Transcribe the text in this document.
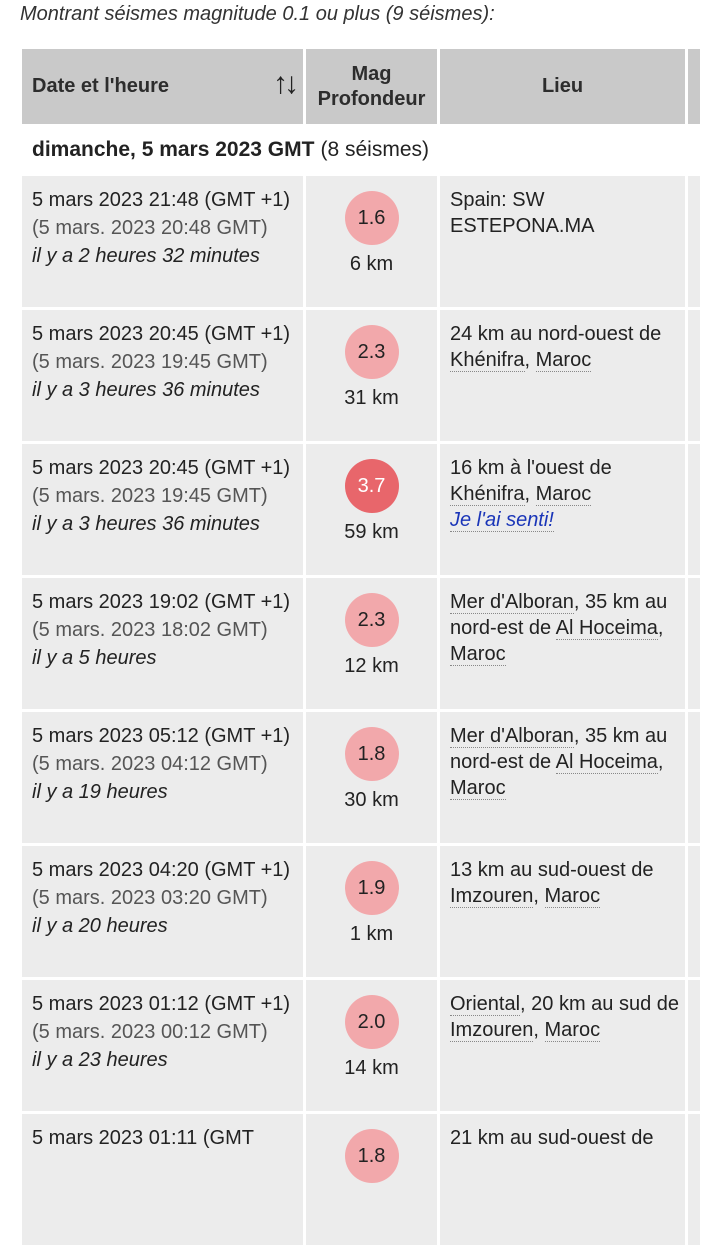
Montrant séismes magnitude 0.1 ou plus (9 séismes):
Date et l'heure	↑↓	Mag
Profondeur
Lieu
dimanche, 5 mars 2023 GMT (8 séismes)
5 mars 2023 21:48 (GMT +1) (5 mars. 2023 20:48 GMT)
il y a 2 heures 32 minutes
1.6
6 km
Spain: SW ESTEPONA.MA
5 mars 2023 20:45 (GMT +1) (5 mars. 2023 19:45 GMT)
il y a 3 heures 36 minutes
2.3
31 km
24 km au nord-ouest de Khénifra, Maroc
5 mars 2023 20:45 (GMT +1) (5 mars. 2023 19:45 GMT)
il y a 3 heures 36 minutes
3.7
59 km
16 km à l'ouest de Khénifra, Maroc
Je l'ai senti!
5 mars 2023 19:02 (GMT +1) (5 mars. 2023 18:02 GMT)
il y a 5 heures
2.3
12 km
Mer d'Alboran, 35 km au nord-est de Al Hoceima, Maroc
5 mars 2023 05:12 (GMT +1) (5 mars. 2023 04:12 GMT)
il y a 19 heures
1.8
30 km
Mer d'Alboran, 35 km au nord-est de Al Hoceima, Maroc
5 mars 2023 04:20 (GMT +1) (5 mars. 2023 03:20 GMT)
il y a 20 heures
1.9
1 km
13 km au sud-ouest de Imzouren, Maroc
5 mars 2023 01:12 (GMT +1) (5 mars. 2023 00:12 GMT)
il y a 23 heures
2.0
14 km
Oriental, 20 km au sud de Imzouren, Maroc
5 mars 2023 01:11 (GMT
1.8
21 km au sud-ouest de
